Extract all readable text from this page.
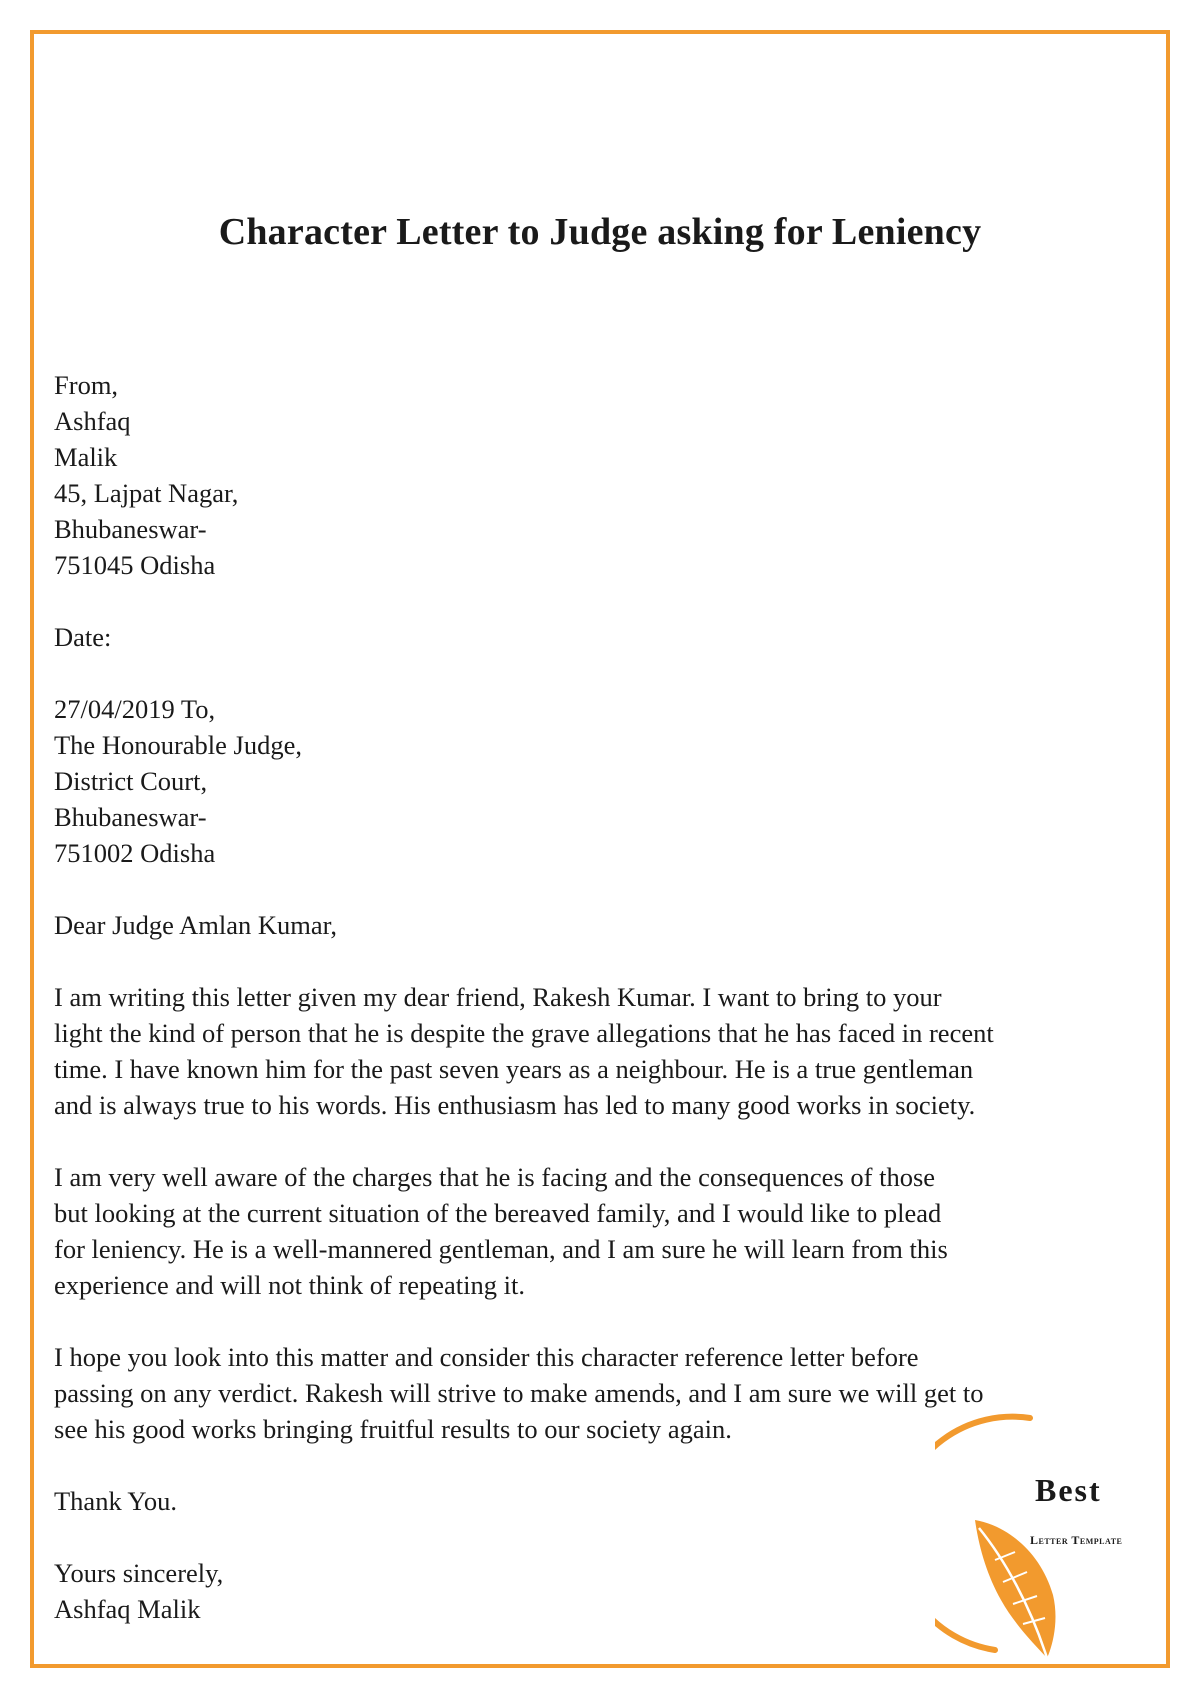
Character Letter to Judge asking for Leniency
From,
Ashfaq
Malik
45, Lajpat Nagar,
Bhubaneswar-
751045 Odisha
Date:
27/04/2019 To,
The Honourable Judge,
District Court,
Bhubaneswar-
751002 Odisha
Dear Judge Amlan Kumar,
I am writing this letter given my dear friend, Rakesh Kumar. I want to bring to your
light the kind of person that he is despite the grave allegations that he has faced in recent
time. I have known him for the past seven years as a neighbour. He is a true gentleman
and is always true to his words. His enthusiasm has led to many good works in society.
I am very well aware of the charges that he is facing and the consequences of those
but looking at the current situation of the bereaved family, and I would like to plead
for leniency. He is a well-mannered gentleman, and I am sure he will learn from this
experience and will not think of repeating it.
I hope you look into this matter and consider this character reference letter before
passing on any verdict. Rakesh will strive to make amends, and I am sure we will get to
see his good works bringing fruitful results to our society again.
Thank You.
Yours sincerely,
Ashfaq Malik
Best
Letter Template
